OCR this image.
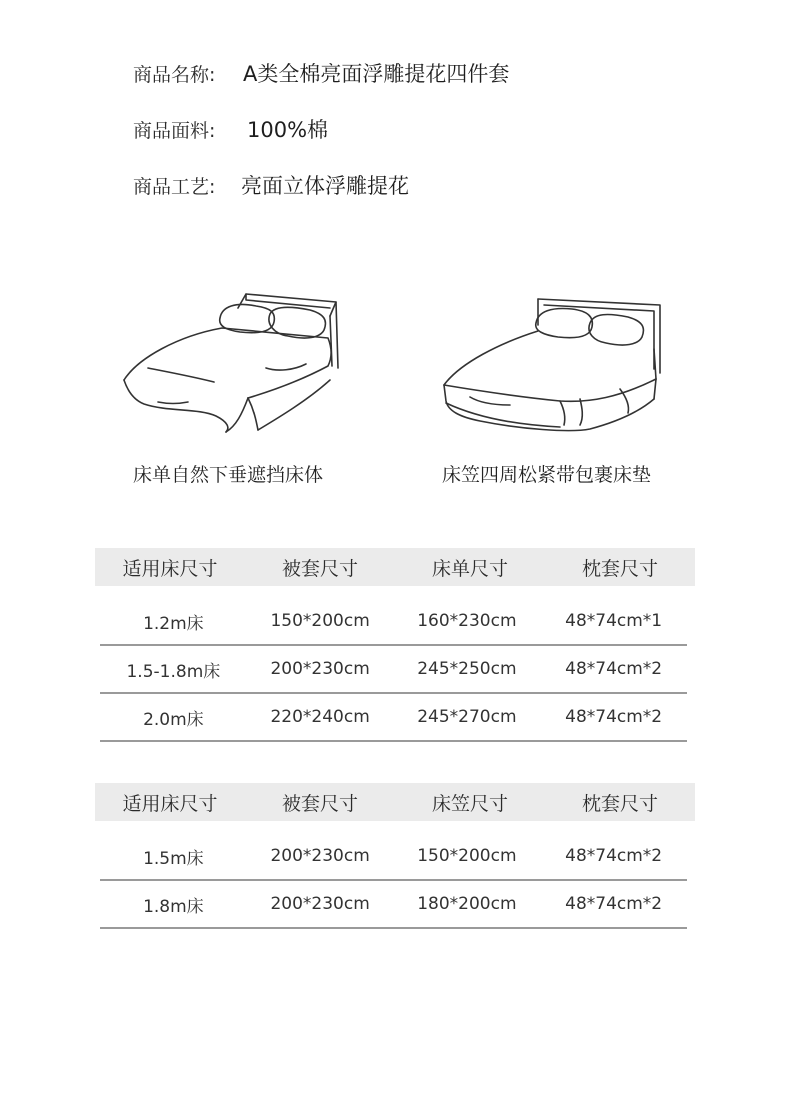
商品名称:	A类全棉亮面浮雕提花四件套
商品面料:	100%棉
商品工艺:	亮面立体浮雕提花
床单自然下垂遮挡床体	床笠四周松紧带包裹床垫
适用床尺寸	被套尺寸	床单尺寸	枕套尺寸
1.2m床	150*200cm	160*230cm	48*74cm*1
1.5-1.8m床	200*230cm	245*250cm	48*74cm*2
2.0m床	220*240cm	245*270cm	48*74cm*2
适用床尺寸	被套尺寸	床笠尺寸	枕套尺寸
1.5m床	200*230cm	150*200cm	48*74cm*2
1.8m床	200*230cm	180*200cm	48*74cm*2
